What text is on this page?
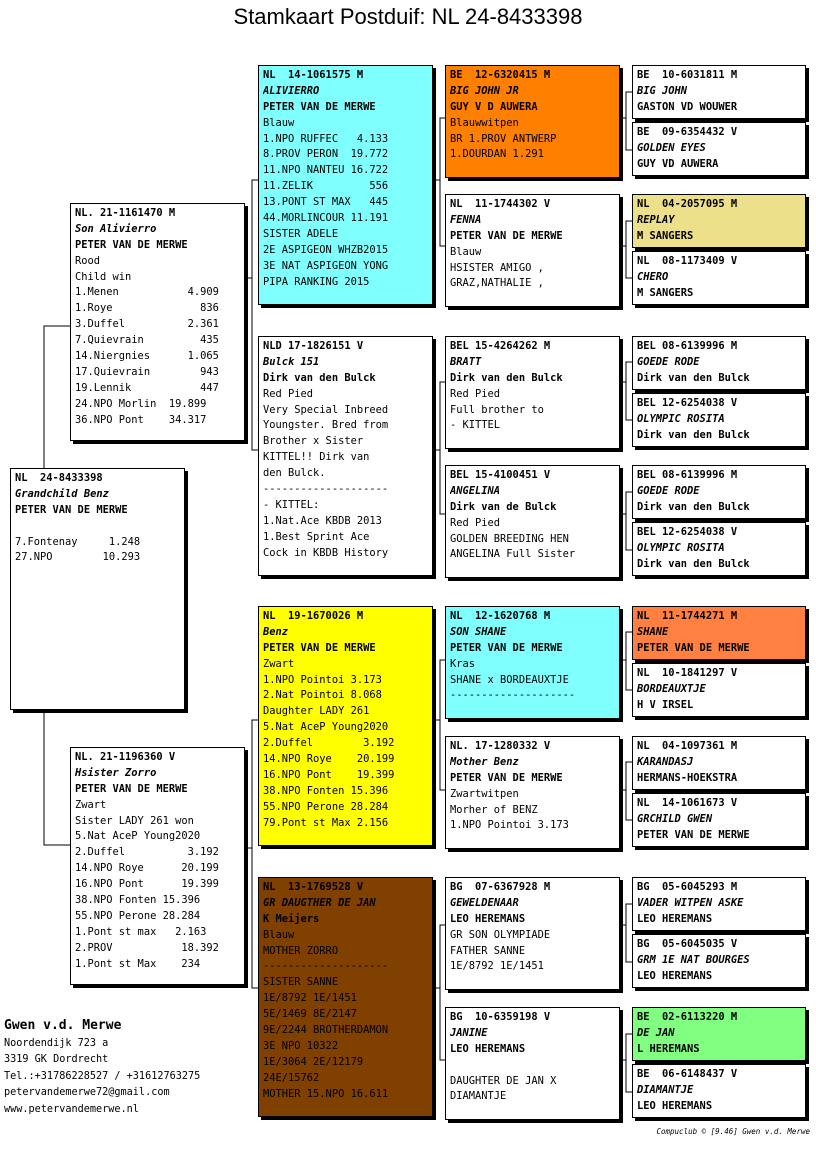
Stamkaart Postduif: NL 24-8433398
NL  24-8433398
Grandchild Benz
PETER VAN DE MERWE
7.Fontenay     1.248
27.NPO        10.293
NL. 21-1161470 M
Son Alivierro
PETER VAN DE MERWE
Rood
Child win
1.Menen           4.909
1.Roye              836
3.Duffel          2.361
7.Quievrain         435
14.Niergnies      1.065
17.Quievrain        943
19.Lennik           447
24.NPO Morlin  19.899
36.NPO Pont    34.317
NL. 21-1196360 V
Hsister Zorro
PETER VAN DE MERWE
Zwart
Sister LADY 261 won
5.Nat AceP Young2020
2.Duffel          3.192
14.NPO Roye      20.199
16.NPO Pont      19.399
38.NPO Fonten 15.396
55.NPO Perone 28.284
1.Pont st max   2.163
2.PROV           18.392
1.Pont st Max    234
NL  14-1061575 M
ALIVIERRO
PETER VAN DE MERWE
Blauw
1.NPO RUFFEC   4.133
8.PROV PERON  19.772
11.NPO NANTEU 16.722
11.ZELIK         556
13.PONT ST MAX   445
44.MORLINCOUR 11.191
SISTER ADELE
2E ASPIGEON WHZB2015
3E NAT ASPIGEON YONG
PIPA RANKING 2015
NLD 17-1826151 V
Bulck 151
Dirk van den Bulck
Red Pied
Very Special Inbreed
Youngster. Bred from
Brother x Sister
KITTEL!! Dirk van
den Bulck.
--------------------
- KITTEL:
1.Nat.Ace KBDB 2013
1.Best Sprint Ace
Cock in KBDB History
NL  19-1670026 M
Benz
PETER VAN DE MERWE
Zwart
1.NPO Pointoi 3.173
2.Nat Pointoi 8.068
Daughter LADY 261
5.Nat AceP Young2020
2.Duffel        3.192
14.NPO Roye    20.199
16.NPO Pont    19.399
38.NPO Fonten 15.396
55.NPO Perone 28.284
79.Pont st Max 2.156
NL  13-1769528 V
GR DAUGTHER DE JAN
K Meijers
Blauw
MOTHER ZORRO
--------------------
SISTER SANNE
1E/8792 1E/1451
5E/1469 8E/2147
9E/2244 BROTHERDAMON
3E NPO 10322
1E/3064 2E/12179
24E/15762
MOTHER 15.NPO 16.611
BE  12-6320415 M
BIG JOHN JR
GUY V D AUWERA
Blauwwitpen
BR 1.PROV ANTWERP
1.DOURDAN 1.291
NL  11-1744302 V
FENNA
PETER VAN DE MERWE
Blauw
HSISTER AMIGO ,
GRAZ,NATHALIE ,
BEL 15-4264262 M
BRATT
Dirk van den Bulck
Red Pied
Full brother to
- KITTEL
BEL 15-4100451 V
ANGELINA
Dirk van de Bulck
Red Pied
GOLDEN BREEDING HEN
ANGELINA Full Sister
NL  12-1620768 M
SON SHANE
PETER VAN DE MERWE
Kras
SHANE x BORDEAUXTJE
--------------------
NL. 17-1280332 V
Mother Benz
PETER VAN DE MERWE
Zwartwitpen
Morher of BENZ
1.NPO Pointoi 3.173
BG  07-6367928 M
GEWELDENAAR
LEO HEREMANS
GR SON OLYMPIADE
FATHER SANNE
1E/8792 1E/1451
BG  10-6359198 V
JANINE
LEO HEREMANS
DAUGHTER DE JAN X
DIAMANTJE
BE  10-6031811 M
BIG JOHN
GASTON VD WOUWER
BE  09-6354432 V
GOLDEN EYES
GUY VD AUWERA
NL  04-2057095 M
REPLAY
M SANGERS
NL  08-1173409 V
CHERO
M SANGERS
BEL 08-6139996 M
GOEDE RODE
Dirk van den Bulck
BEL 12-6254038 V
OLYMPIC ROSITA
Dirk van den Bulck
BEL 08-6139996 M
GOEDE RODE
Dirk van den Bulck
BEL 12-6254038 V
OLYMPIC ROSITA
Dirk van den Bulck
NL  11-1744271 M
SHANE
PETER VAN DE MERWE
NL  10-1841297 V
BORDEAUXTJE
H V IRSEL
NL  04-1097361 M
KARANDASJ
HERMANS-HOEKSTRA
NL  14-1061673 V
GRCHILD GWEN
PETER VAN DE MERWE
BG  05-6045293 M
VADER WITPEN ASKE
LEO HEREMANS
BG  05-6045035 V
GRM 1E NAT BOURGES
LEO HEREMANS
BE  02-6113220 M
DE JAN
L HEREMANS
BE  06-6148437 V
DIAMANTJE
LEO HEREMANS
Gwen v.d. Merwe
Noordendijk 723 a
3319 GK Dordrecht
Tel.:+31786228527 / +31612763275
petervandemerwe72@gmail.com
www.petervandemerwe.nl
Compuclub © [9.46] Gwen v.d. Merwe
